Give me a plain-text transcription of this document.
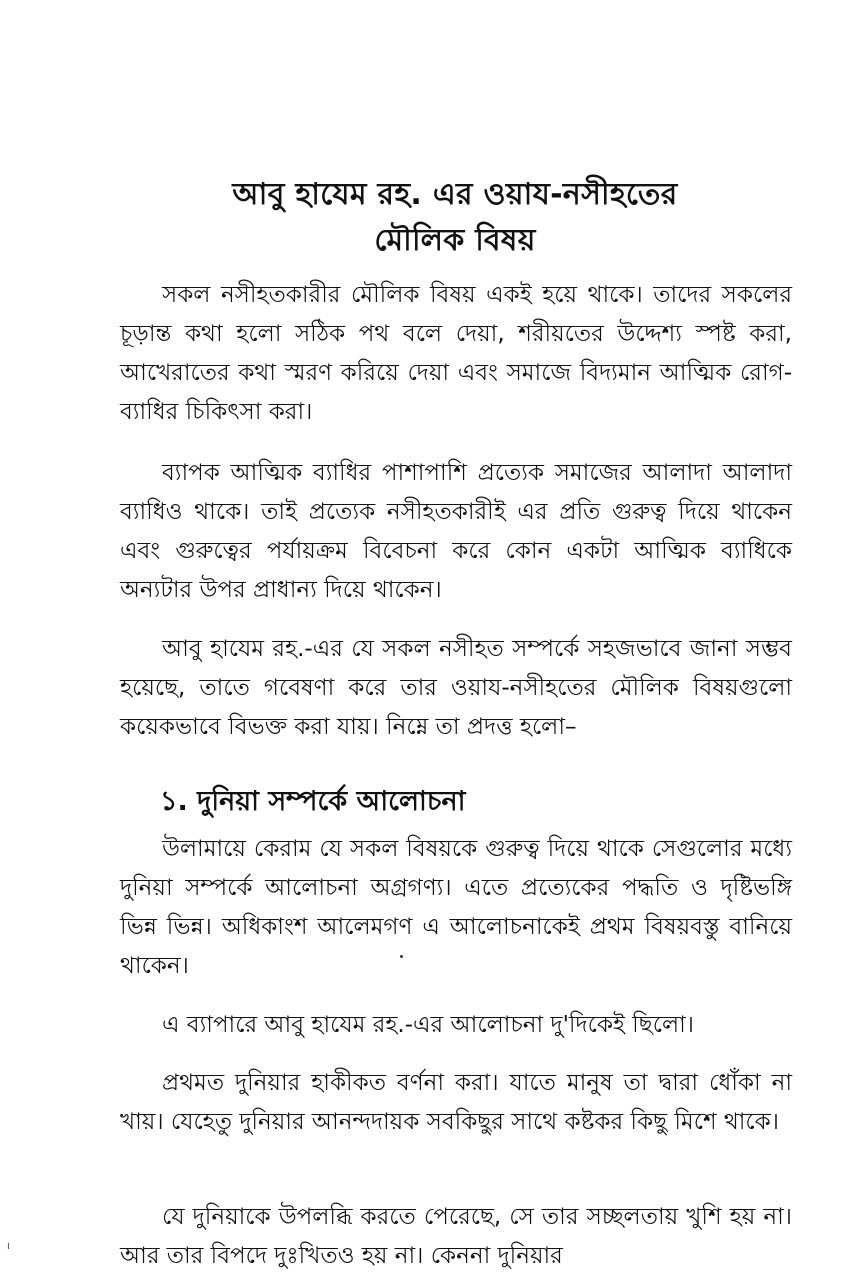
আবু হাযেম রহ. এর ওয়ায-নসীহতের
মৌলিক বিষয়

সকল নসীহতকারীর মৌলিক বিষয় একই হয়ে থাকে। তাদের সকলের চূড়ান্ত কথা হলো সঠিক পথ বলে দেয়া, শরীয়তের উদ্দেশ্য স্পষ্ট করা, আখেরাতের কথা স্মরণ করিয়ে দেয়া এবং সমাজে বিদ্যমান আত্মিক রোগ-ব্যাধির চিকিৎসা করা।

ব্যাপক আত্মিক ব্যাধির পাশাপাশি প্রত্যেক সমাজের আলাদা আলাদা ব্যাধিও থাকে। তাই প্রত্যেক নসীহতকারীই এর প্রতি গুরুত্ব দিয়ে থাকেন এবং গুরুত্বের পর্যায়ক্রম বিবেচনা করে কোন একটা আত্মিক ব্যাধিকে অন্যটার উপর প্রাধান্য দিয়ে থাকেন।

আবু হাযেম রহ.-এর যে সকল নসীহত সম্পর্কে সহজভাবে জানা সম্ভব হয়েছে, তাতে গবেষণা করে তার ওয়ায-নসীহতের মৌলিক বিষয়গুলো কয়েকভাবে বিভক্ত করা যায়। নিম্নে তা প্রদত্ত হলো–

১. দুনিয়া সম্পর্কে আলোচনা

উলামায়ে কেরাম যে সকল বিষয়কে গুরুত্ব দিয়ে থাকে সেগুলোর মধ্যে দুনিয়া সম্পর্কে আলোচনা অগ্রগণ্য। এতে প্রত্যেকের পদ্ধতি ও দৃষ্টিভঙ্গি ভিন্ন ভিন্ন। অধিকাংশ আলেমগণ এ আলোচনাকেই প্রথম বিষয়বস্তু বানিয়ে থাকেন।

এ ব্যাপারে আবু হাযেম রহ.-এর আলোচনা দু'দিকেই ছিলো।

প্রথমত দুনিয়ার হাকীকত বর্ণনা করা। যাতে মানুষ তা দ্বারা ধোঁকা না খায়। যেহেতু দুনিয়ার আনন্দদায়ক সবকিছুর সাথে কষ্টকর কিছু মিশে থাকে।

যে দুনিয়াকে উপলব্ধি করতে পেরেছে, সে তার সচ্ছলতায় খুশি হয় না। আর তার বিপদে দুঃখিতও হয় না। কেননা দুনিয়ার

।
